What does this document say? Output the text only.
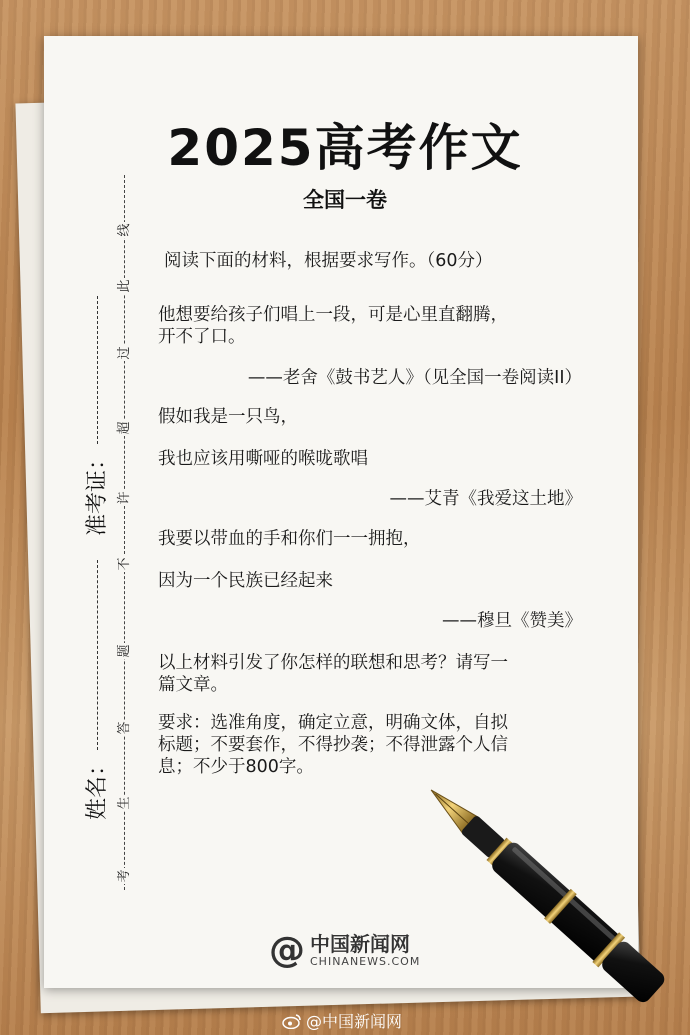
线
此
过
超
许
不
题
答
生
考
准考证：
姓名：
2025高考作文
全国一卷

阅读下面的材料，根据要求写作。（60分）

他想要给孩子们唱上一段，可是心里直翻腾，

开不了口。

——老舍《鼓书艺人》（见全国一卷阅读II）

假如我是一只鸟，

我也应该用嘶哑的喉咙歌唱

——艾青《我爱这土地》

我要以带血的手和你们一一拥抱，

因为一个民族已经起来

——穆旦《赞美》

以上材料引发了你怎样的联想和思考？请写一

篇文章。

要求：选准角度，确定立意，明确文体，自拟

标题；不要套作，不得抄袭；不得泄露个人信

息；不少于800字。

@ 中国新闻网
CHINANEWS.COM
@中国新闻网
